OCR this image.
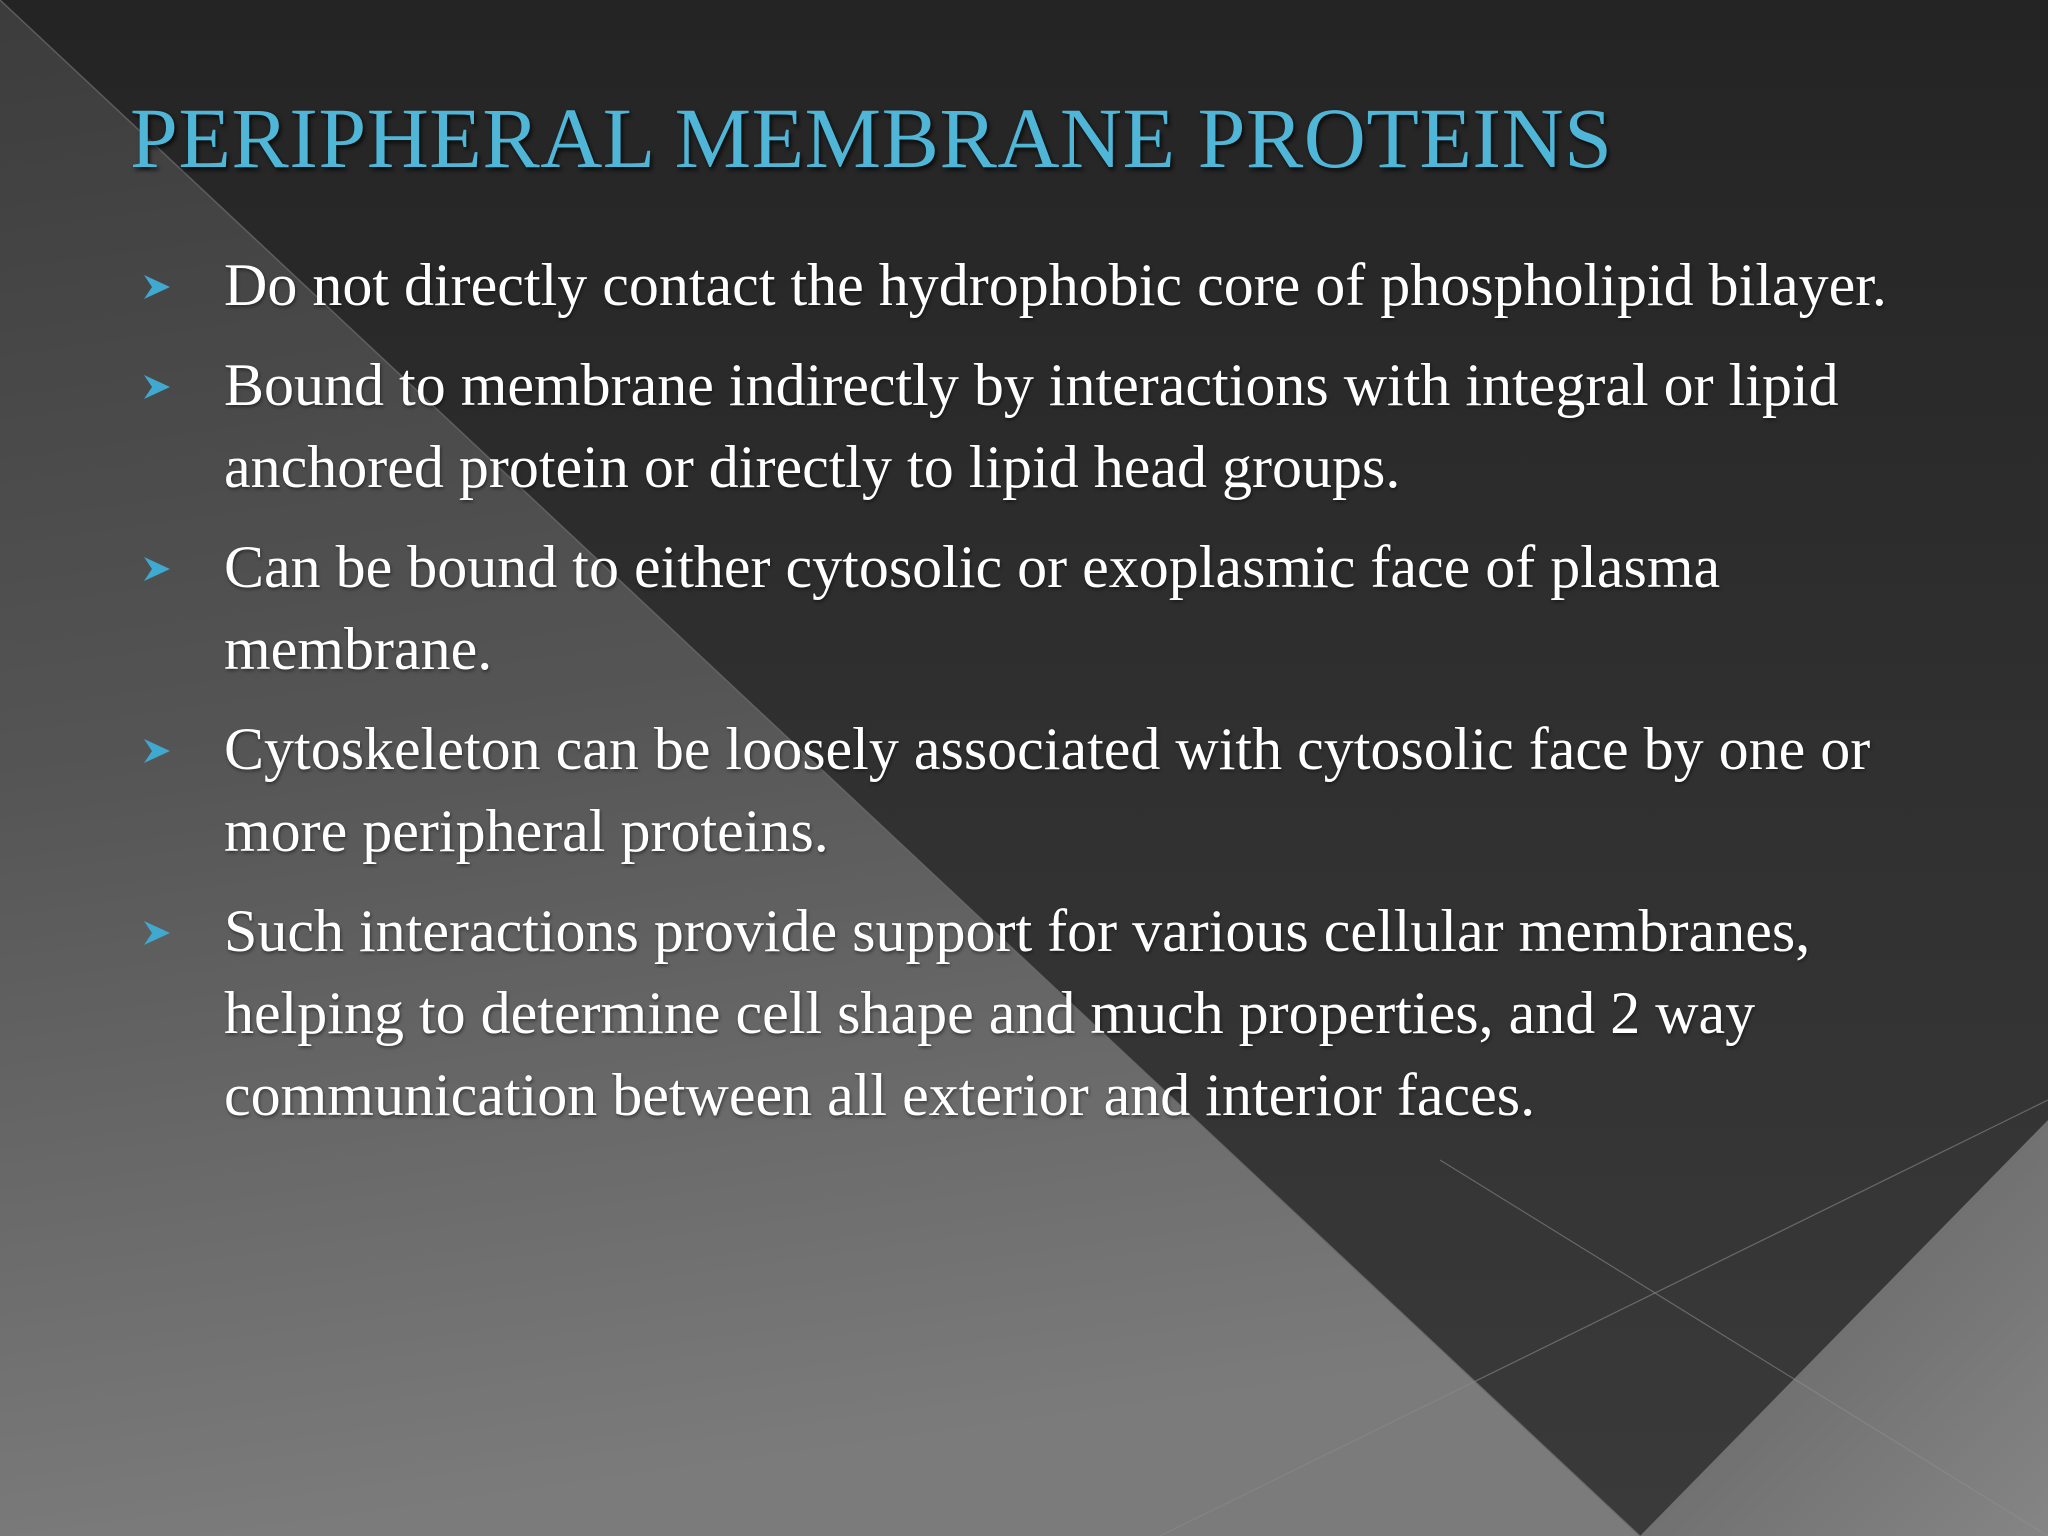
PERIPHERAL MEMBRANE PROTEINS
Do not directly contact the hydrophobic core of phospholipid bilayer.
Bound to membrane indirectly by interactions with integral or lipid anchored protein or directly to lipid head groups.
Can be bound to either cytosolic or exoplasmic face of plasma membrane.
Cytoskeleton can be loosely associated with cytosolic face by one or more peripheral proteins.
Such interactions provide support for various cellular membranes, helping to determine cell shape and much properties, and 2 way communication between all exterior and interior faces.
